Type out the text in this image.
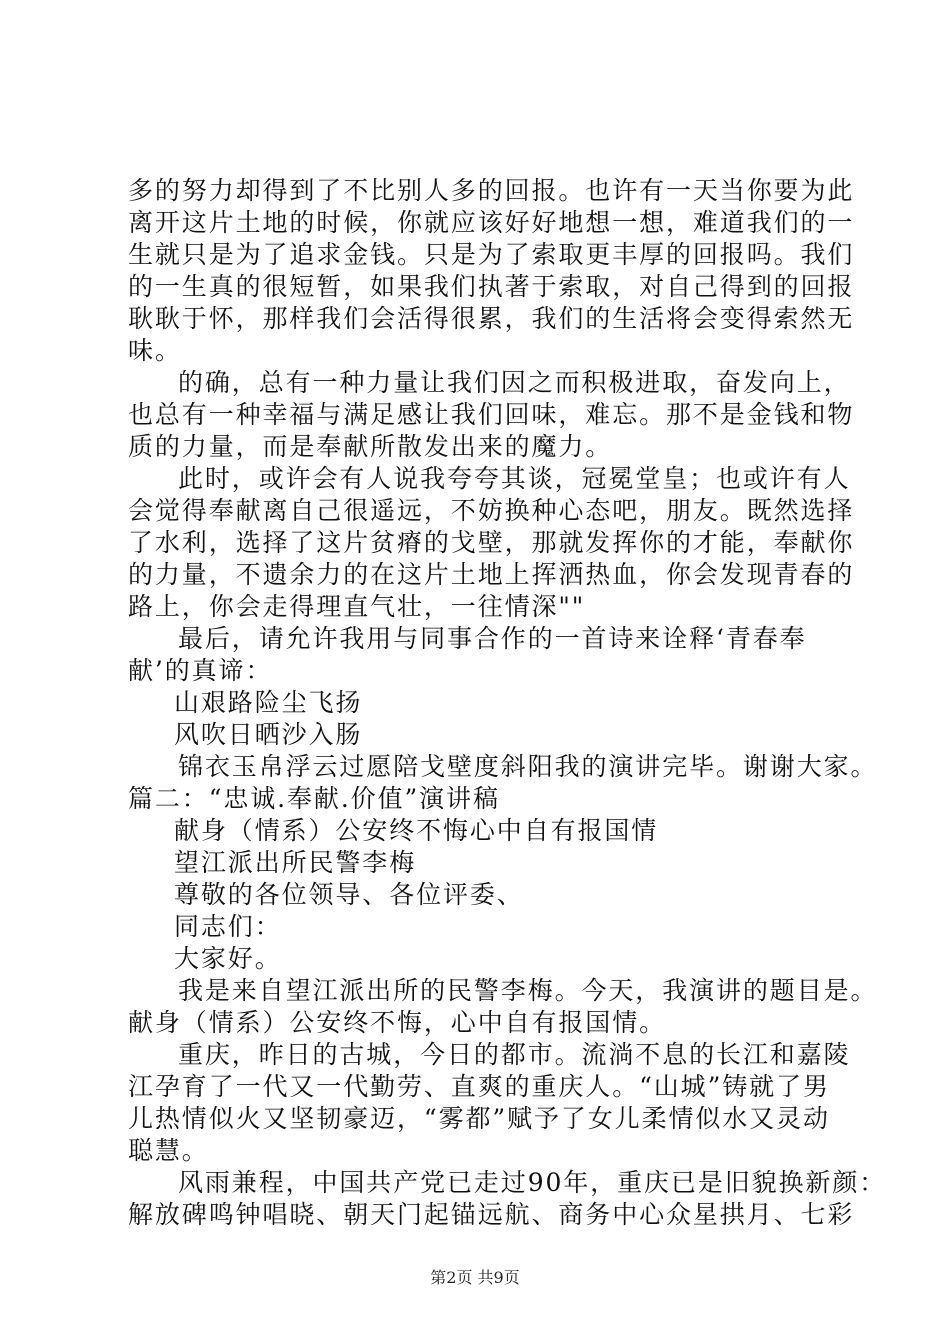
多的努力却得到了不比别人多的回报。也许有一天当你要为此
离开这片土地的时候，你就应该好好地想一想，难道我们的一
生就只是为了追求金钱。只是为了索取更丰厚的回报吗。我们
的一生真的很短暂，如果我们执著于索取，对自己得到的回报
耿耿于怀，那样我们会活得很累，我们的生活将会变得索然无
味。
的确，总有一种力量让我们因之而积极进取，奋发向上，
也总有一种幸福与满足感让我们回味，难忘。那不是金钱和物
质的力量，而是奉献所散发出来的魔力。
此时，或许会有人说我夸夸其谈，冠冕堂皇；也或许有人
会觉得奉献离自己很遥远，不妨换种心态吧，朋友。既然选择
了水利，选择了这片贫瘠的戈壁，那就发挥你的才能，奉献你
的力量，不遗余力的在这片土地上挥洒热血，你会发现青春的
路上，你会走得理直气壮，一往情深""
最后，请允许我用与同事合作的一首诗来诠释‘青春奉
献’的真谛：
山艰路险尘飞扬
风吹日晒沙入肠
锦衣玉帛浮云过愿陪戈壁度斜阳我的演讲完毕。谢谢大家。
篇二：“忠诚.奉献.价值”演讲稿
献身（情系）公安终不悔心中自有报国情
望江派出所民警李梅
尊敬的各位领导、各位评委、
同志们：
大家好。
我是来自望江派出所的民警李梅。今天，我演讲的题目是。
献身（情系）公安终不悔，心中自有报国情。
重庆，昨日的古城，今日的都市。流淌不息的长江和嘉陵
江孕育了一代又一代勤劳、直爽的重庆人。“山城”铸就了男
儿热情似火又坚韧豪迈，“雾都”赋予了女儿柔情似水又灵动
聪慧。
风雨兼程，中国共产党已走过90年，重庆已是旧貌换新颜：
解放碑鸣钟唱晓、朝天门起锚远航、商务中心众星拱月、七彩
第2页 共9页
